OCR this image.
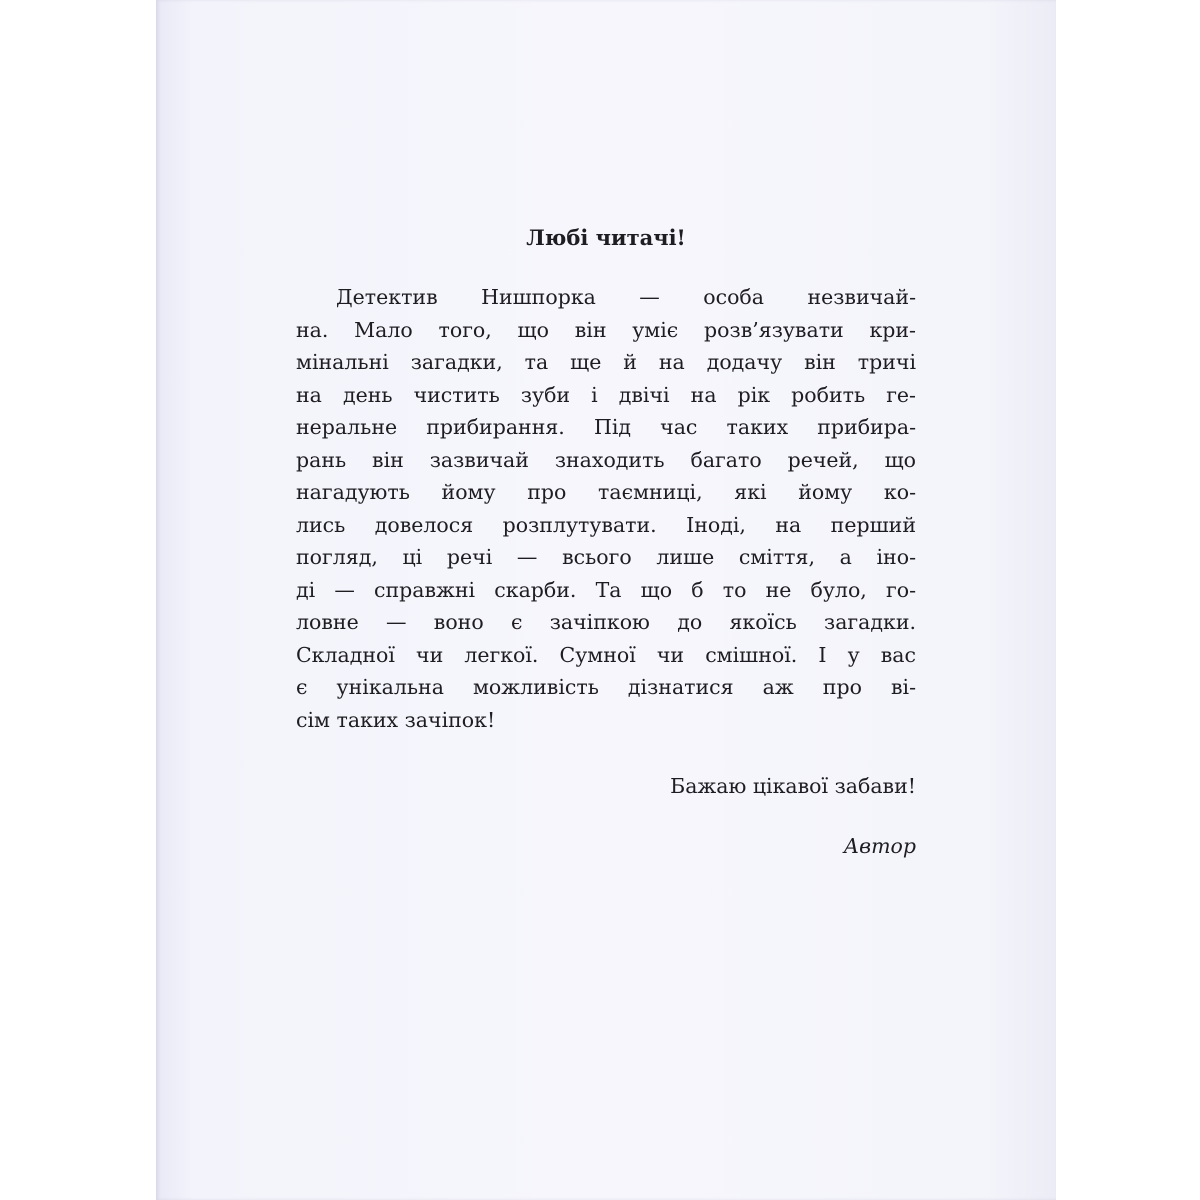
Любі читачі!
Детектив Нишпорка — особа незвичай-
на. Мало того, що він уміє розв’язувати кри-
мінальні загадки, та ще й на додачу він тричі
на день чистить зуби і двічі на рік робить ге-
неральне прибирання. Під час таких прибира-
рань він зазвичай знаходить багато речей, що
нагадують йому про таємниці, які йому ко-
лись довелося розплутувати. Іноді, на перший
погляд, ці речі — всього лише сміття, а іно-
ді — справжні скарби. Та що б то не було, го-
ловне — воно є зачіпкою до якоїсь загадки.
Складної чи легкої. Сумної чи смішної. І у вас
є унікальна можливість дізнатися аж про ві-
сім таких зачіпок!
Бажаю цікавої забави!
Автор
